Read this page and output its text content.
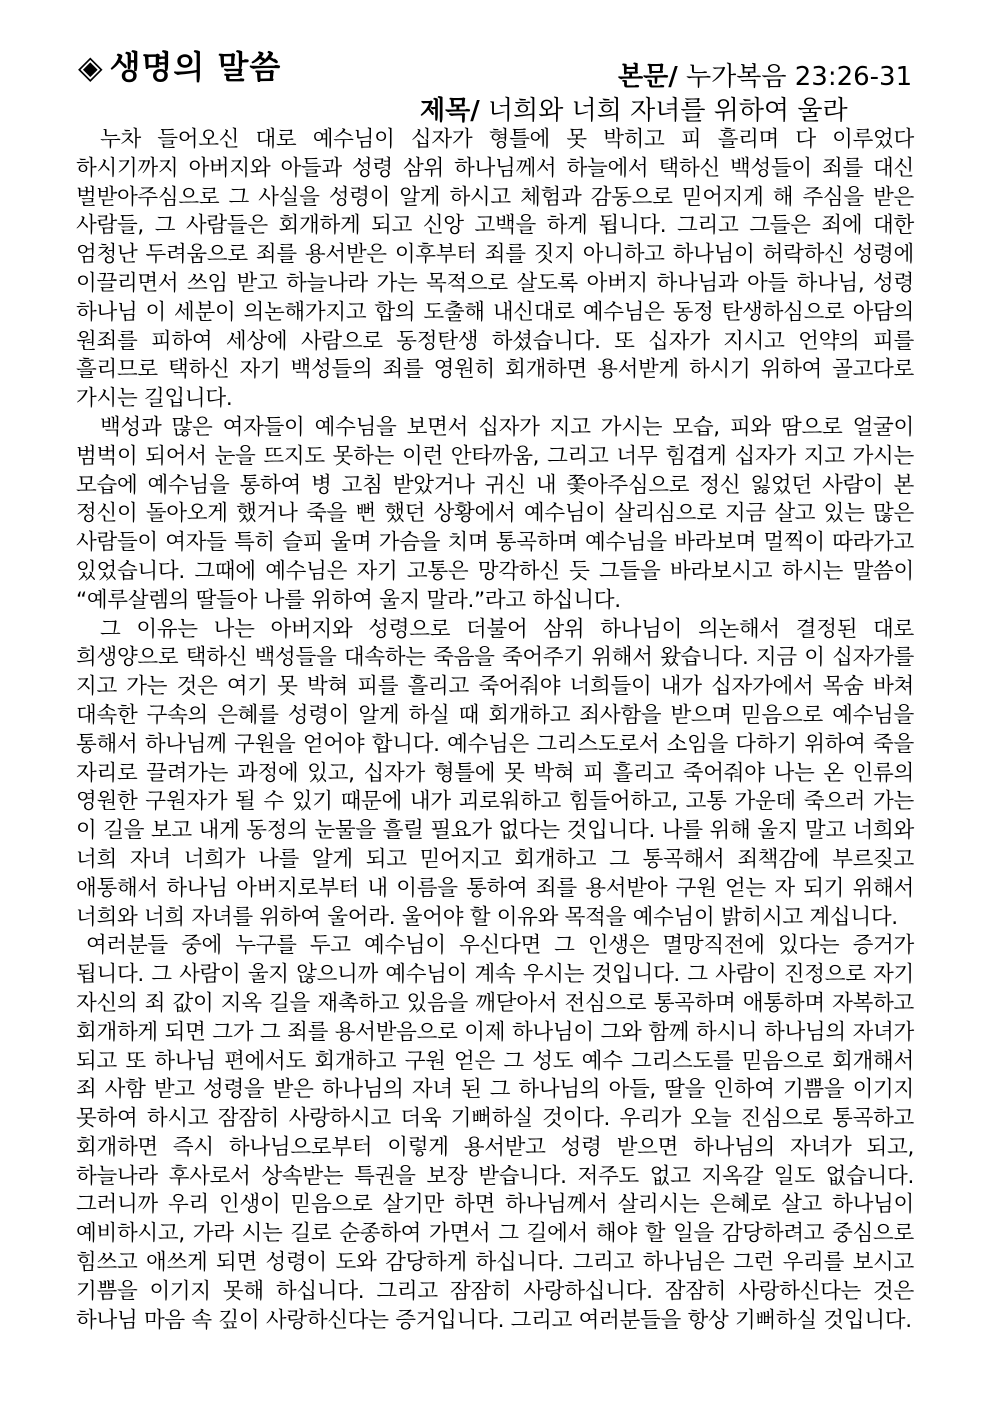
◈ 생명의 말씀	본문/ 누가복음 23:26-31
제목/ 너희와 너희 자녀를 위하여 울라

누차 들어오신 대로 예수님이 십자가 형틀에 못 박히고 피 흘리며 다 이루었다 하시기까지 아버지와 아들과 성령 삼위 하나님께서 하늘에서 택하신 백성들이 죄를 대신 벌받아주심으로 그 사실을 성령이 알게 하시고 체험과 감동으로 믿어지게 해 주심을 받은 사람들, 그 사람들은 회개하게 되고 신앙 고백을 하게 됩니다. 그리고 그들은 죄에 대한 엄청난 두려움으로 죄를 용서받은 이후부터 죄를 짓지 아니하고 하나님이 허락하신 성령에 이끌리면서 쓰임 받고 하늘나라 가는 목적으로 살도록 아버지 하나님과 아들 하나님, 성령 하나님 이 세분이 의논해가지고 합의 도출해 내신대로 예수님은 동정 탄생하심으로 아담의 원죄를 피하여 세상에 사람으로 동정탄생 하셨습니다. 또 십자가 지시고 언약의 피를 흘리므로 택하신 자기 백성들의 죄를 영원히 회개하면 용서받게 하시기 위하여 골고다로 가시는 길입니다.

백성과 많은 여자들이 예수님을 보면서 십자가 지고 가시는 모습, 피와 땀으로 얼굴이 범벅이 되어서 눈을 뜨지도 못하는 이런 안타까움, 그리고 너무 힘겹게 십자가 지고 가시는 모습에 예수님을 통하여 병 고침 받았거나 귀신 내 쫓아주심으로 정신 잃었던 사람이 본 정신이 돌아오게 했거나 죽을 뻔 했던 상황에서 예수님이 살리심으로 지금 살고 있는 많은 사람들이 여자들 특히 슬피 울며 가슴을 치며 통곡하며 예수님을 바라보며 멀찍이 따라가고 있었습니다. 그때에 예수님은 자기 고통은 망각하신 듯 그들을 바라보시고 하시는 말씀이 “예루살렘의 딸들아 나를 위하여 울지 말라.”라고 하십니다.

그 이유는 나는 아버지와 성령으로 더불어 삼위 하나님이 의논해서 결정된 대로 희생양으로 택하신 백성들을 대속하는 죽음을 죽어주기 위해서 왔습니다. 지금 이 십자가를 지고 가는 것은 여기 못 박혀 피를 흘리고 죽어줘야 너희들이 내가 십자가에서 목숨 바쳐 대속한 구속의 은혜를 성령이 알게 하실 때 회개하고 죄사함을 받으며 믿음으로 예수님을 통해서 하나님께 구원을 얻어야 합니다. 예수님은 그리스도로서 소임을 다하기 위하여 죽을 자리로 끌려가는 과정에 있고, 십자가 형틀에 못 박혀 피 흘리고 죽어줘야 나는 온 인류의 영원한 구원자가 될 수 있기 때문에 내가 괴로워하고 힘들어하고, 고통 가운데 죽으러 가는 이 길을 보고 내게 동정의 눈물을 흘릴 필요가 없다는 것입니다. 나를 위해 울지 말고 너희와 너희 자녀 너희가 나를 알게 되고 믿어지고 회개하고 그 통곡해서 죄책감에 부르짖고 애통해서 하나님 아버지로부터 내 이름을 통하여 죄를 용서받아 구원 얻는 자 되기 위해서 너희와 너희 자녀를 위하여 울어라. 울어야 할 이유와 목적을 예수님이 밝히시고 계십니다.

여러분들 중에 누구를 두고 예수님이 우신다면 그 인생은 멸망직전에 있다는 증거가 됩니다. 그 사람이 울지 않으니까 예수님이 계속 우시는 것입니다. 그 사람이 진정으로 자기 자신의 죄 값이 지옥 길을 재촉하고 있음을 깨닫아서 전심으로 통곡하며 애통하며 자복하고 회개하게 되면 그가 그 죄를 용서받음으로 이제 하나님이 그와 함께 하시니 하나님의 자녀가 되고 또 하나님 편에서도 회개하고 구원 얻은 그 성도 예수 그리스도를 믿음으로 회개해서 죄 사함 받고 성령을 받은 하나님의 자녀 된 그 하나님의 아들, 딸을 인하여 기쁨을 이기지 못하여 하시고 잠잠히 사랑하시고 더욱 기뻐하실 것이다. 우리가 오늘 진심으로 통곡하고 회개하면 즉시 하나님으로부터 이렇게 용서받고 성령 받으면 하나님의 자녀가 되고, 하늘나라 후사로서 상속받는 특권을 보장 받습니다. 저주도 없고 지옥갈 일도 없습니다. 그러니까 우리 인생이 믿음으로 살기만 하면 하나님께서 살리시는 은혜로 살고 하나님이 예비하시고, 가라 시는 길로 순종하여 가면서 그 길에서 해야 할 일을 감당하려고 중심으로 힘쓰고 애쓰게 되면 성령이 도와 감당하게 하십니다. 그리고 하나님은 그런 우리를 보시고 기쁨을 이기지 못해 하십니다. 그리고 잠잠히 사랑하십니다. 잠잠히 사랑하신다는 것은 하나님 마음 속 깊이 사랑하신다는 증거입니다. 그리고 여러분들을 항상 기뻐하실 것입니다.
